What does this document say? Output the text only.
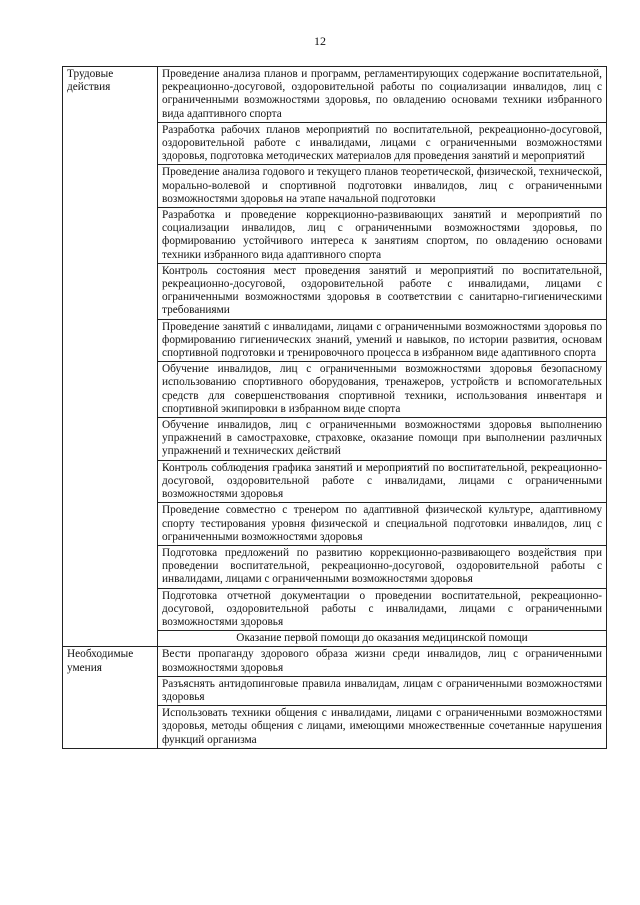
12
Трудовые действия	Проведение анализа планов и программ, регламентирующих содержание воспитательной, рекреационно-досуговой, оздоровительной работы по социализации инвалидов, лиц с ограниченными возможностями здоровья, по овладению основами техники избранного вида адаптивного спорта
	Разработка рабочих планов мероприятий по воспитательной, рекреационно-досуговой, оздоровительной работе с инвалидами, лицами с ограниченными возможностями здоровья, подготовка методических материалов для проведения занятий и мероприятий
	Проведение анализа годового и текущего планов теоретической, физической, технической, морально-волевой и спортивной подготовки инвалидов, лиц с ограниченными возможностями здоровья на этапе начальной подготовки
	Разработка и проведение коррекционно-развивающих занятий и мероприятий по социализации инвалидов, лиц с ограниченными возможностями здоровья, по формированию устойчивого интереса к занятиям спортом, по овладению основами техники избранного вида адаптивного спорта
	Контроль состояния мест проведения занятий и мероприятий по воспитательной, рекреационно-досуговой, оздоровительной работе с инвалидами, лицами с ограниченными возможностями здоровья в соответствии с санитарно-гигиеническими требованиями
	Проведение занятий с инвалидами, лицами с ограниченными возможностями здоровья по формированию гигиенических знаний, умений и навыков, по истории развития, основам спортивной подготовки и тренировочного процесса в избранном виде адаптивного спорта
	Обучение инвалидов, лиц с ограниченными возможностями здоровья безопасному использованию спортивного оборудования, тренажеров, устройств и вспомогательных средств для совершенствования спортивной техники, использования инвентаря и спортивной экипировки в избранном виде спорта
	Обучение инвалидов, лиц с ограниченными возможностями здоровья выполнению упражнений в самостраховке, страховке, оказание помощи при выполнении различных упражнений и технических действий
	Контроль соблюдения графика занятий и мероприятий по воспитательной, рекреационно-досуговой, оздоровительной работе с инвалидами, лицами с ограниченными возможностями здоровья
	Проведение совместно с тренером по адаптивной физической культуре, адаптивному спорту тестирования уровня физической и специальной подготовки инвалидов, лиц с ограниченными возможностями здоровья
	Подготовка предложений по развитию коррекционно-развивающего воздействия при проведении воспитательной, рекреационно-досуговой, оздоровительной работы с инвалидами, лицами с ограниченными возможностями здоровья
	Подготовка отчетной документации о проведении воспитательной, рекреационно-досуговой, оздоровительной работы с инвалидами, лицами с ограниченными возможностями здоровья
	Оказание первой помощи до оказания медицинской помощи
Необходимые умения	Вести пропаганду здорового образа жизни среди инвалидов, лиц с ограниченными возможностями здоровья
	Разъяснять антидопинговые правила инвалидам, лицам с ограниченными возможностями здоровья
	Использовать техники общения с инвалидами, лицами с ограниченными возможностями здоровья, методы общения с лицами, имеющими множественные сочетанные нарушения функций организма
